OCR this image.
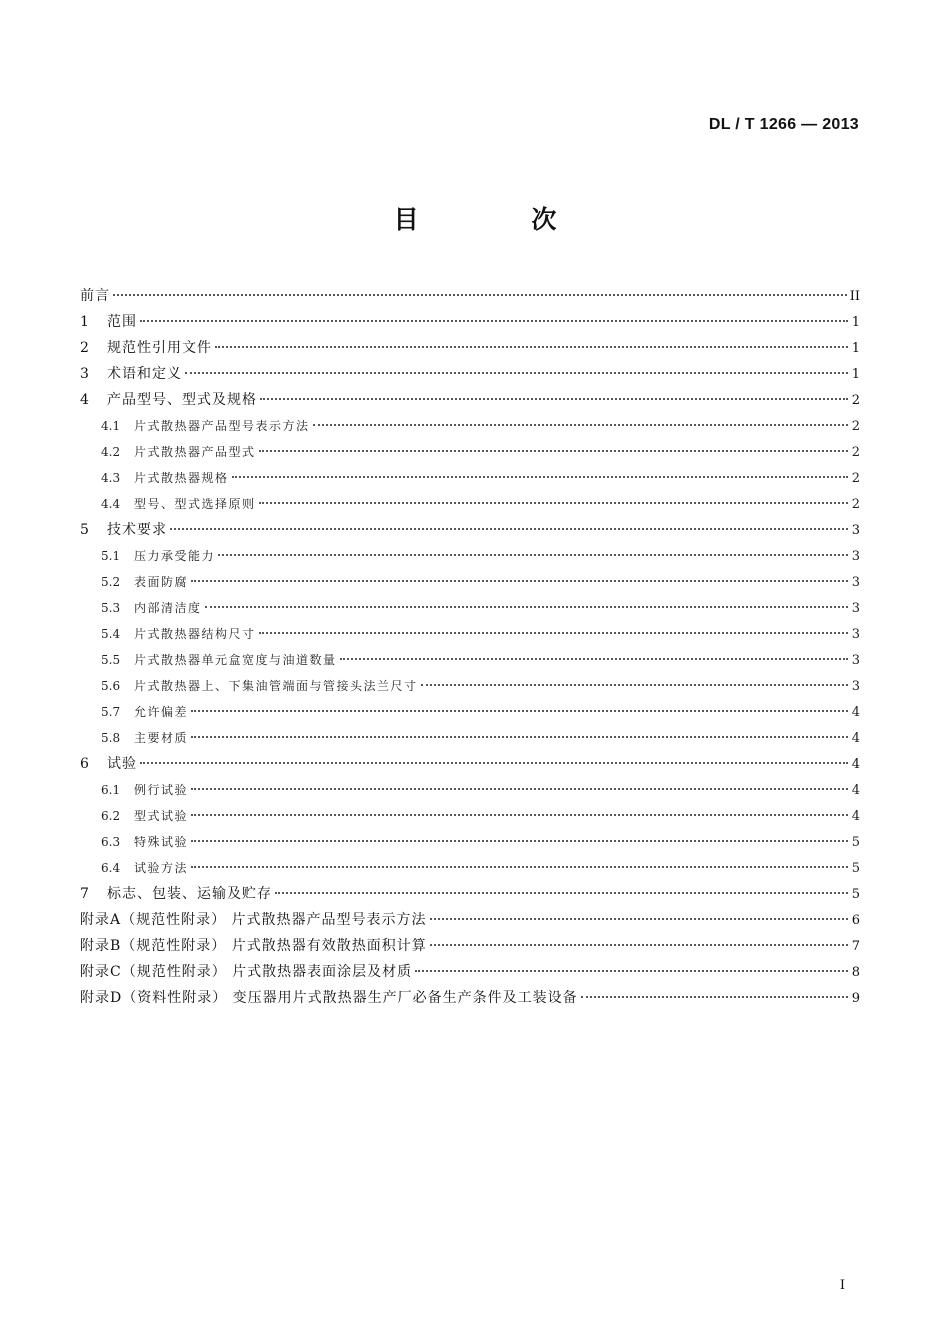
DL / T 1266 — 2013
目 次
前言	II
1	范围	1
2	规范性引用文件	1
3	术语和定义	1
4	产品型号、型式及规格	2
4.1	片式散热器产品型号表示方法	2
4.2	片式散热器产品型式	2
4.3	片式散热器规格	2
4.4	型号、型式选择原则	2
5	技术要求	3
5.1	压力承受能力	3
5.2	表面防腐	3
5.3	内部清洁度	3
5.4	片式散热器结构尺寸	3
5.5	片式散热器单元盒宽度与油道数量	3
5.6	片式散热器上、下集油管端面与管接头法兰尺寸	3
5.7	允许偏差	4
5.8	主要材质	4
6	试验	4
6.1	例行试验	4
6.2	型式试验	4
6.3	特殊试验	5
6.4	试验方法	5
7	标志、包装、运输及贮存	5
附录A（规范性附录） 片式散热器产品型号表示方法	6
附录B（规范性附录） 片式散热器有效散热面积计算	7
附录C（规范性附录） 片式散热器表面涂层及材质	8
附录D（资料性附录） 变压器用片式散热器生产厂必备生产条件及工装设备	9
I
